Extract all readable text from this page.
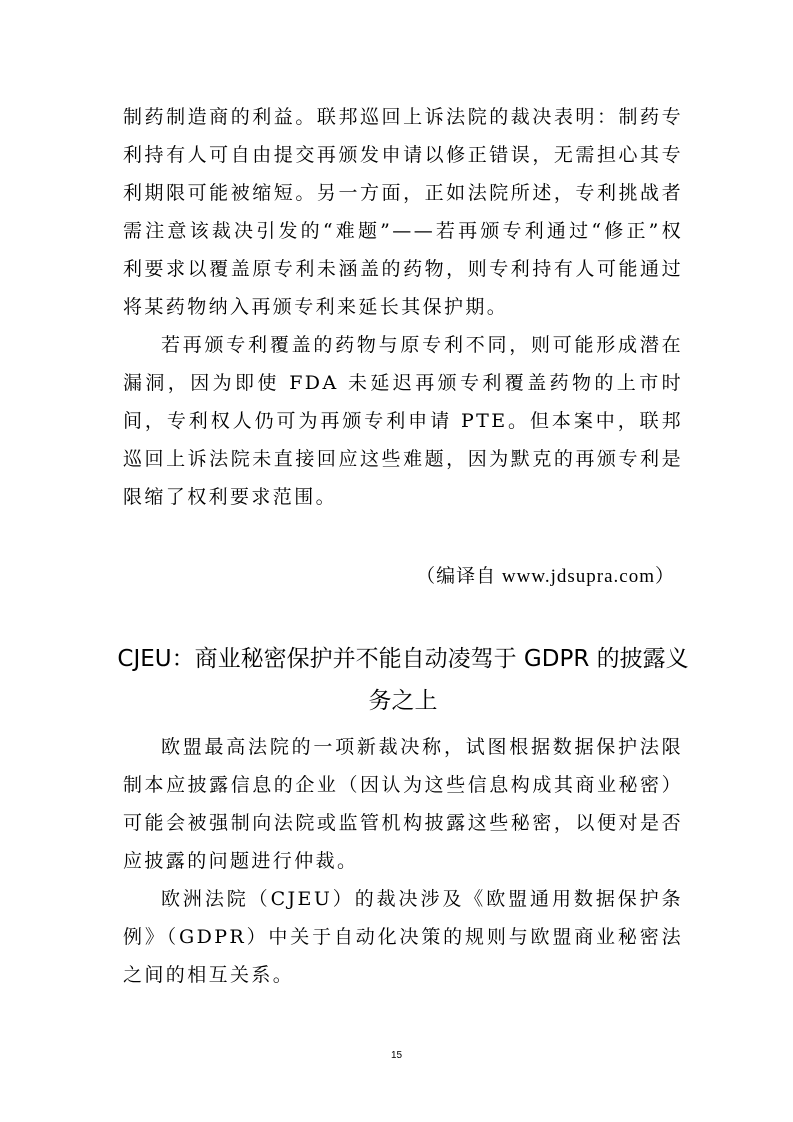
制药制造商的利益。联邦巡回上诉法院的裁决表明：制药专利持有人可自由提交再颁发申请以修正错误，无需担心其专利期限可能被缩短。另一方面，正如法院所述，专利挑战者需注意该裁决引发的“难题”——若再颁专利通过“修正”权利要求以覆盖原专利未涵盖的药物，则专利持有人可能通过将某药物纳入再颁专利来延长其保护期。

若再颁专利覆盖的药物与原专利不同，则可能形成潜在漏洞，因为即使 FDA 未延迟再颁专利覆盖药物的上市时间，专利权人仍可为再颁专利申请 PTE。但本案中，联邦巡回上诉法院未直接回应这些难题，因为默克的再颁专利是限缩了权利要求范围。

（编译自 www.jdsupra.com）
CJEU：商业秘密保护并不能自动凌驾于 GDPR 的披露义务之上

欧盟最高法院的一项新裁决称，试图根据数据保护法限制本应披露信息的企业（因认为这些信息构成其商业秘密）可能会被强制向法院或监管机构披露这些秘密，以便对是否应披露的问题进行仲裁。

欧洲法院（CJEU）的裁决涉及《欧盟通用数据保护条例》（GDPR）中关于自动化决策的规则与欧盟商业秘密法之间的相互关系。

15
